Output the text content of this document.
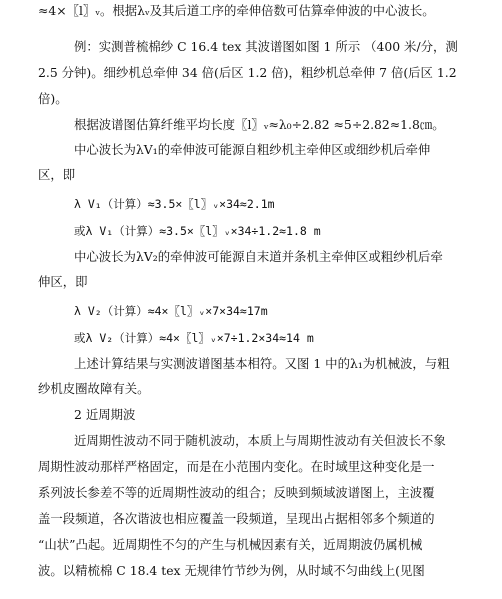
≈4×〖l〗ᵥ。根据λᵥ及其后道工序的牵伸倍数可估算牵伸波的中心波长。
例：实测普梳棉纱 C 16.4 tex 其波谱图如图 1 所示 （400 米/分，测
2.5 分钟)。细纱机总牵伸 34 倍(后区 1.2 倍)，粗纱机总牵伸 7 倍(后区 1.2
倍)。
根据波谱图估算纤维平均长度〖l〗ᵥ≈λ₀÷2.82 ≈5÷2.82≈1.8㎝。
中心波长为λV₁的牵伸波可能源自粗纱机主牵伸区或细纱机后牵伸
区，即
λ V₁（计算）≈3.5×〖l〗ᵥ×34≈2.1m
或λ V₁（计算）≈3.5×〖l〗ᵥ×34÷1.2≈1.8 m
中心波长为λV₂的牵伸波可能源自末道并条机主牵伸区或粗纱机后牵
伸区，即
λ V₂（计算）≈4×〖l〗ᵥ×7×34≈17m
或λ V₂（计算）≈4×〖l〗ᵥ×7÷1.2×34≈14 m
上述计算结果与实测波谱图基本相符。又图 1 中的λ₁为机械波，与粗
纱机皮圈故障有关。
2 近周期波
近周期性波动不同于随机波动，本质上与周期性波动有关但波长不象
周期性波动那样严格固定，而是在小范围内变化。在时域里这种变化是一
系列波长参差不等的近周期性波动的组合；反映到频域波谱图上，主波覆
盖一段频道，各次谐波也相应覆盖一段频道，呈现出占据相邻多个频道的
“山状”凸起。近周期性不匀的产生与机械因素有关，近周期波仍属机械
波。以精梳棉 C 18.4 tex 无规律竹节纱为例，从时域不匀曲线上(见图
